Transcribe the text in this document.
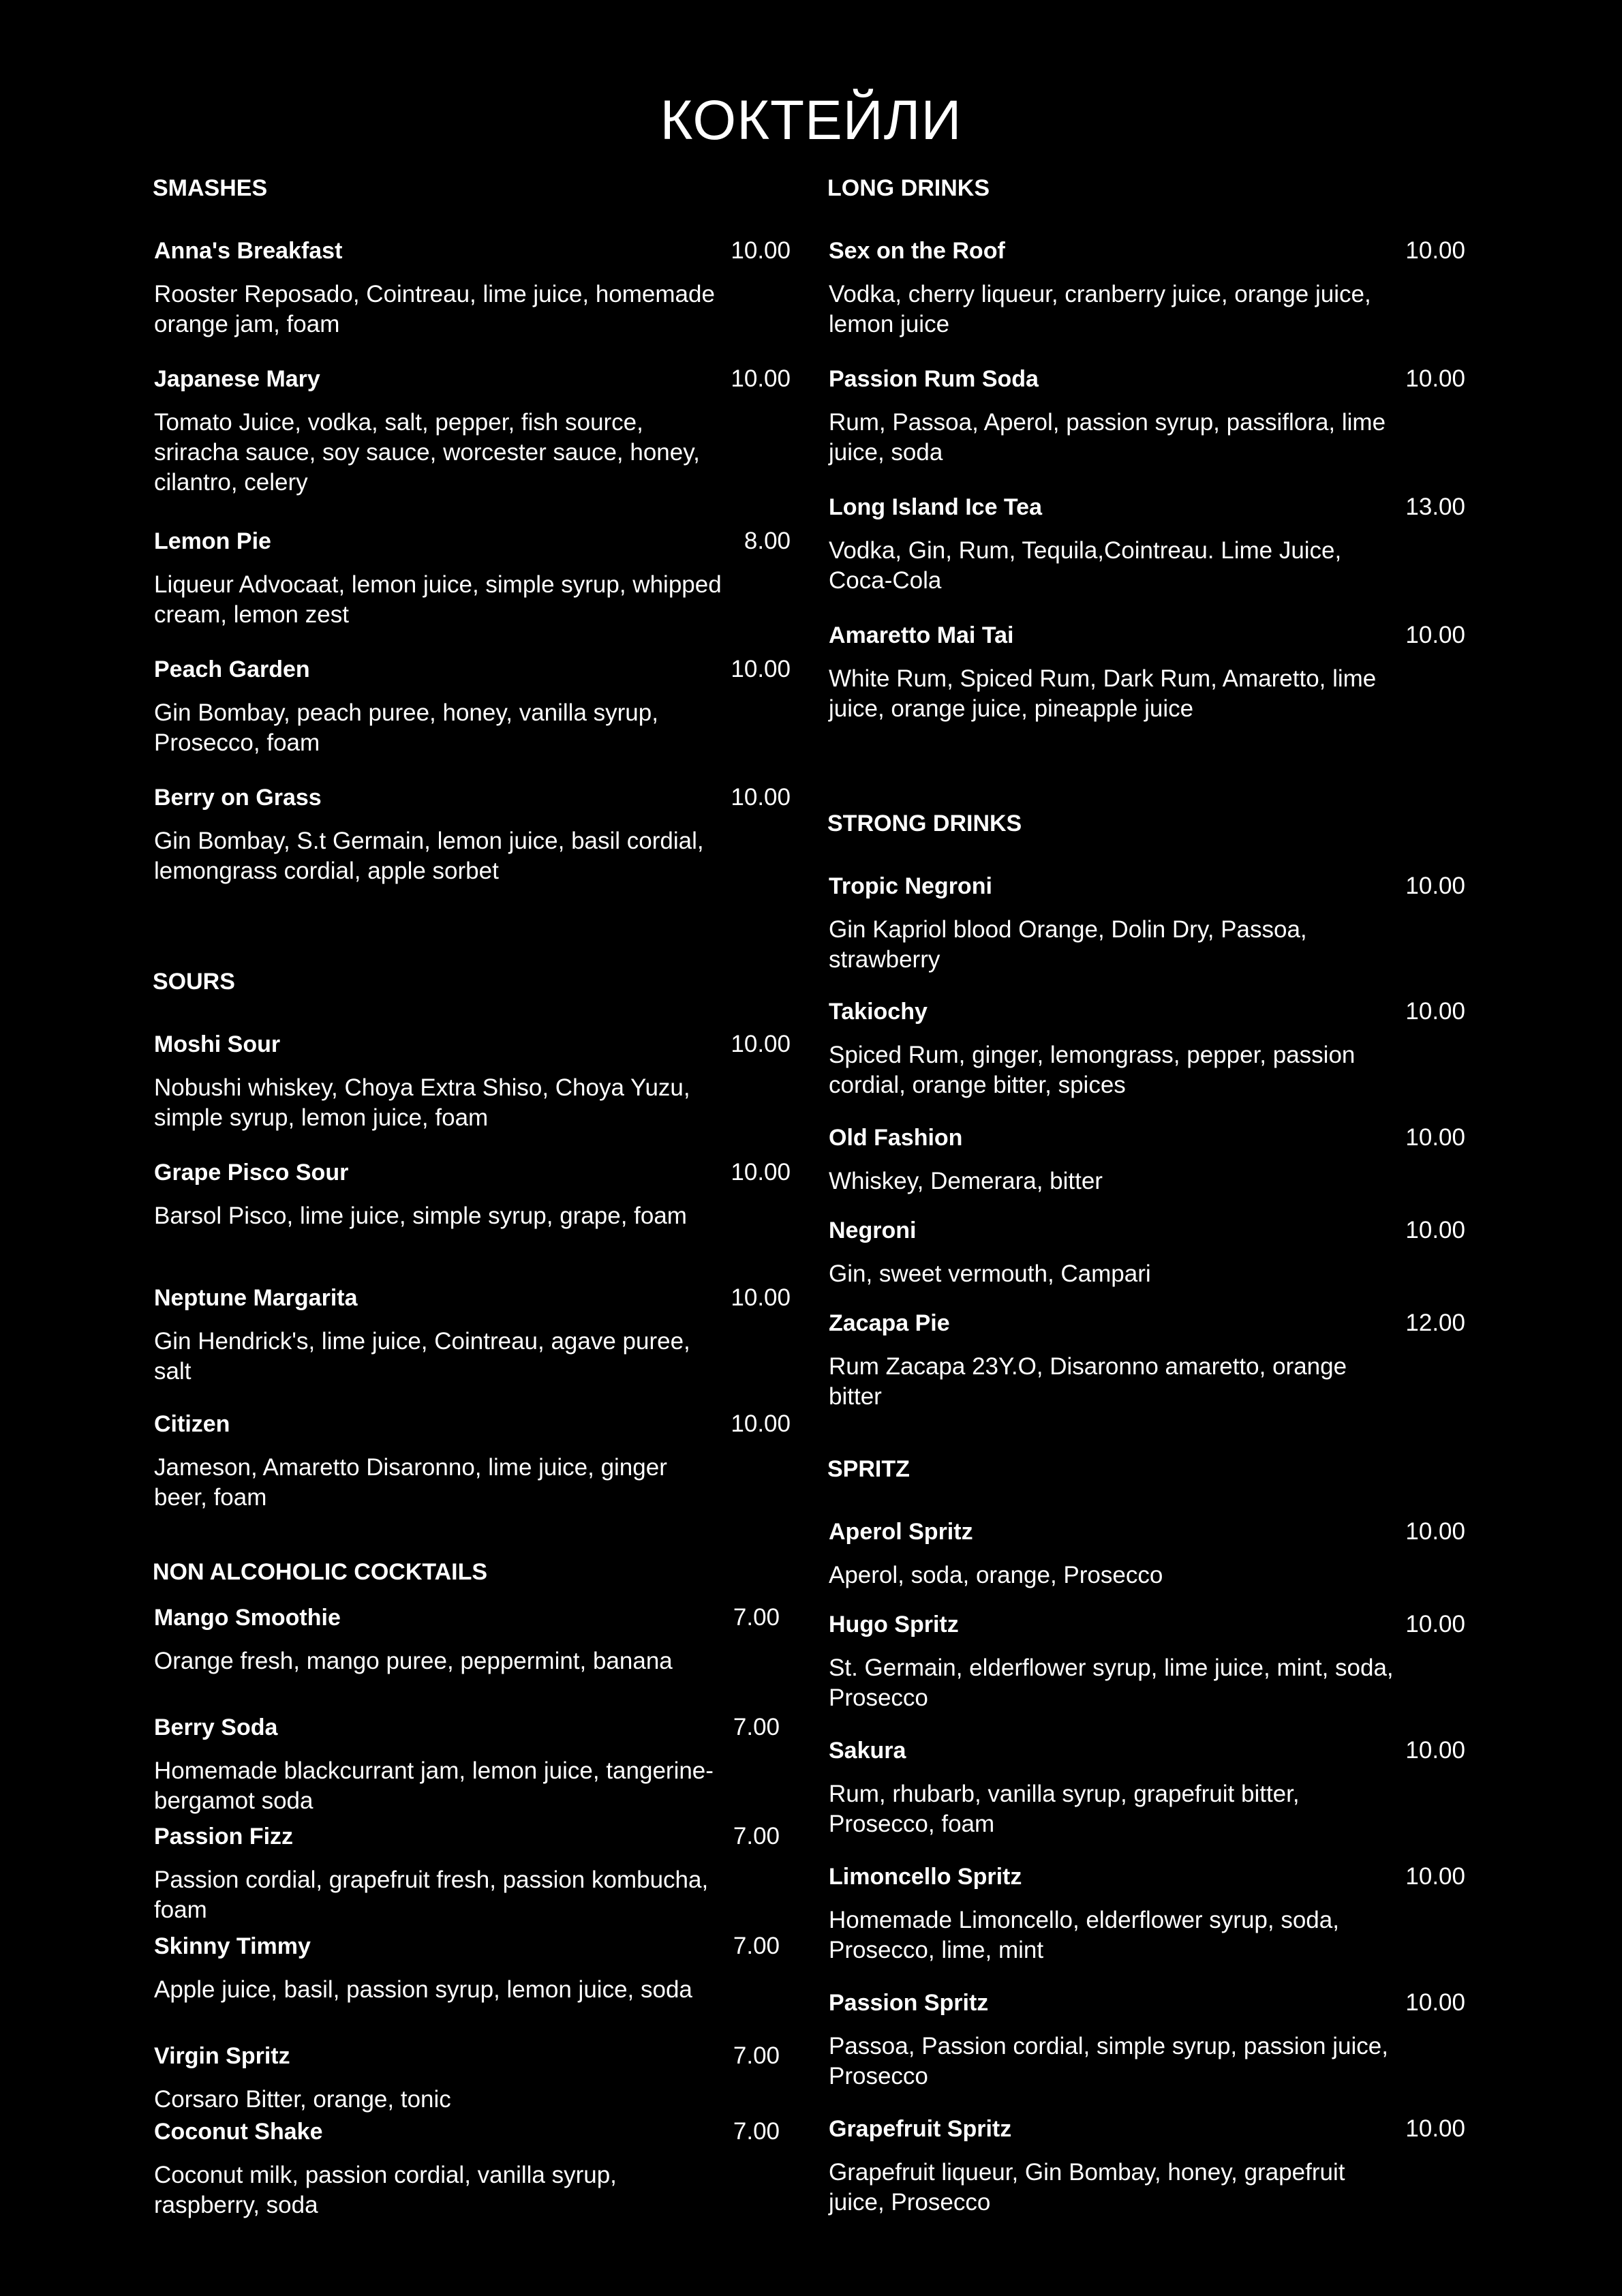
КОКТЕЙЛИ
SMASHES
Anna's Breakfast	10.00
Rooster Reposado, Cointreau, lime juice, homemade orange jam, foam
Japanese Mary	10.00
Tomato Juice, vodka, salt, pepper, fish source, sriracha sauce, soy sauce, worcester sauce, honey, cilantro, celery
Lemon Pie	8.00
Liqueur Advocaat, lemon juice, simple syrup, whipped cream, lemon zest
Peach Garden	10.00
Gin Bombay, peach puree, honey, vanilla syrup, Prosecco, foam
Berry on Grass	10.00
Gin Bombay, S.t Germain, lemon juice, basil cordial, lemongrass cordial, apple sorbet
SOURS
Moshi Sour	10.00
Nobushi whiskey, Choya Extra Shiso, Choya Yuzu, simple syrup, lemon juice, foam
Grape Pisco Sour	10.00
Barsol Pisco, lime juice, simple syrup, grape, foam
Neptune Margarita	10.00
Gin Hendrick's, lime juice, Cointreau, agave puree, salt
Citizen	10.00
Jameson, Amaretto Disaronno, lime juice, ginger beer, foam
NON ALCOHOLIC COCKTAILS
Mango Smoothie	7.00
Orange fresh, mango puree, peppermint, banana
Berry Soda	7.00
Homemade blackcurrant jam, lemon juice, tangerine-bergamot soda
Passion Fizz	7.00
Passion cordial, grapefruit fresh, passion kombucha, foam
Skinny Timmy	7.00
Apple juice, basil, passion syrup, lemon juice, soda
Virgin Spritz	7.00
Corsaro Bitter, orange, tonic
Coconut Shake	7.00
Coconut milk, passion cordial, vanilla syrup, raspberry, soda
LONG DRINKS
Sex on the Roof	10.00
Vodka, cherry liqueur, cranberry juice, orange juice, lemon juice
Passion Rum Soda	10.00
Rum, Passoa, Aperol, passion syrup, passiflora, lime juice, soda
Long Island Ice Tea	13.00
Vodka, Gin, Rum, Tequila,Cointreau. Lime Juice, Coca-Cola
Amaretto Mai Tai	10.00
White Rum, Spiced Rum, Dark Rum, Amaretto, lime juice, orange juice, pineapple juice
STRONG DRINKS
Tropic Negroni	10.00
Gin Kapriol blood Orange, Dolin Dry, Passoa, strawberry
Takiochy	10.00
Spiced Rum, ginger, lemongrass, pepper, passion cordial, orange bitter, spices
Old Fashion	10.00
Whiskey, Demerara, bitter
Negroni	10.00
Gin, sweet vermouth, Campari
Zacapa Pie	12.00
Rum Zacapa 23Y.O, Disaronno amaretto, orange bitter
SPRITZ
Aperol Spritz	10.00
Aperol, soda, orange, Prosecco
Hugo Spritz	10.00
St. Germain, elderflower syrup, lime juice, mint, soda, Prosecco
Sakura	10.00
Rum, rhubarb, vanilla syrup, grapefruit bitter, Prosecco, foam
Limoncello Spritz	10.00
Homemade Limoncello, elderflower syrup, soda, Prosecco, lime, mint
Passion Spritz	10.00
Passoa, Passion cordial, simple syrup, passion juice, Prosecco
Grapefruit Spritz	10.00
Grapefruit liqueur, Gin Bombay, honey, grapefruit juice, Prosecco
